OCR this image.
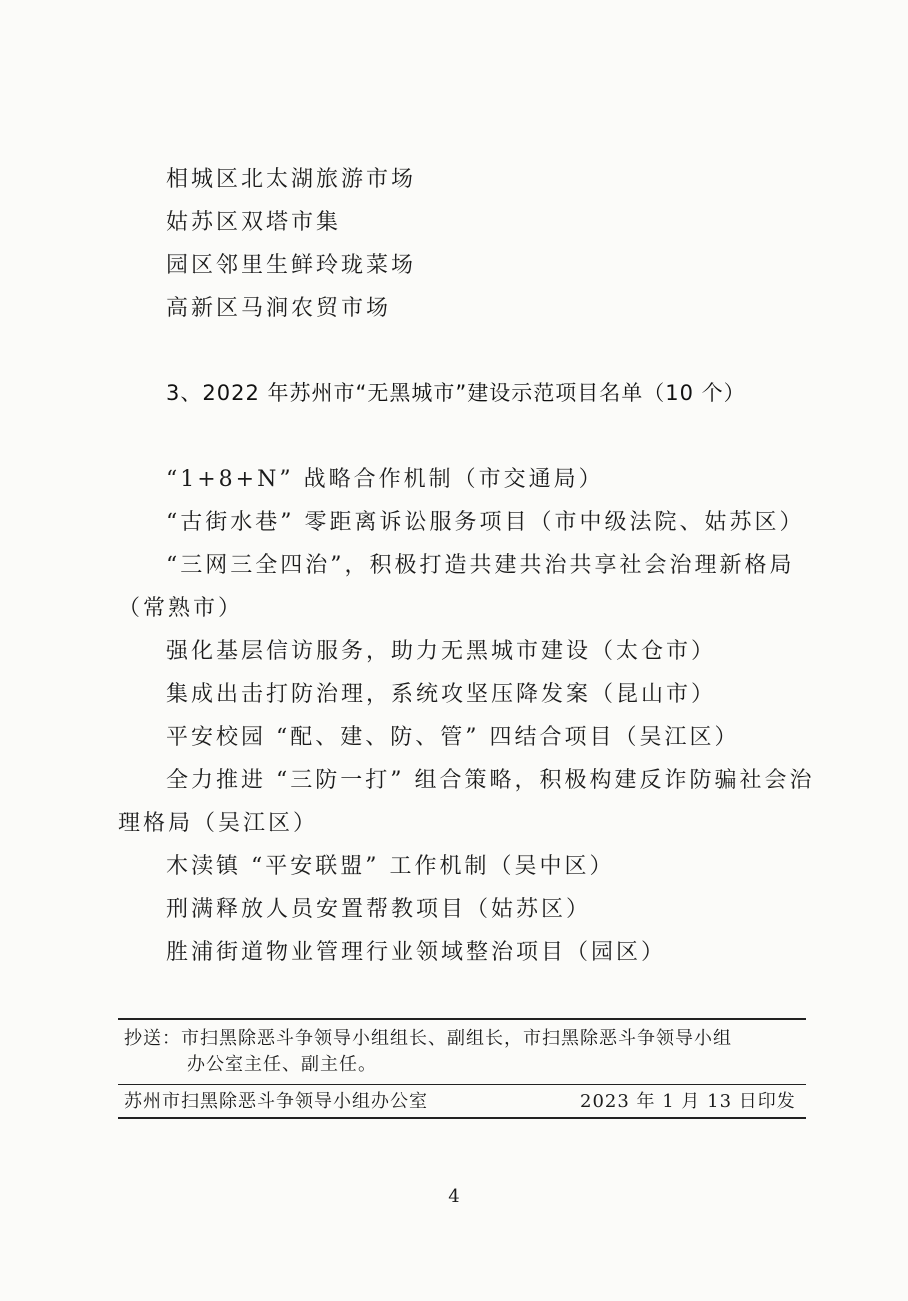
相城区北太湖旅游市场
姑苏区双塔市集
园区邻里生鲜玲珑菜场
高新区马涧农贸市场
3、2022 年苏州市“无黑城市”建设示范项目名单（10 个）
“1+8+N” 战略合作机制（市交通局）
“古街水巷” 零距离诉讼服务项目（市中级法院、姑苏区）
“三网三全四治”，积极打造共建共治共享社会治理新格局
（常熟市）
强化基层信访服务，助力无黑城市建设（太仓市）
集成出击打防治理，系统攻坚压降发案（昆山市）
平安校园 “配、建、防、管” 四结合项目（吴江区）
全力推进 “三防一打” 组合策略，积极构建反诈防骗社会治
理格局（吴江区）
木渎镇 “平安联盟” 工作机制（吴中区）
刑满释放人员安置帮教项目（姑苏区）
胜浦街道物业管理行业领域整治项目（园区）
抄送：市扫黑除恶斗争领导小组组长、副组长，市扫黑除恶斗争领导小组
办公室主任、副主任。
苏州市扫黑除恶斗争领导小组办公室	2023 年 1 月 13 日印发
4
